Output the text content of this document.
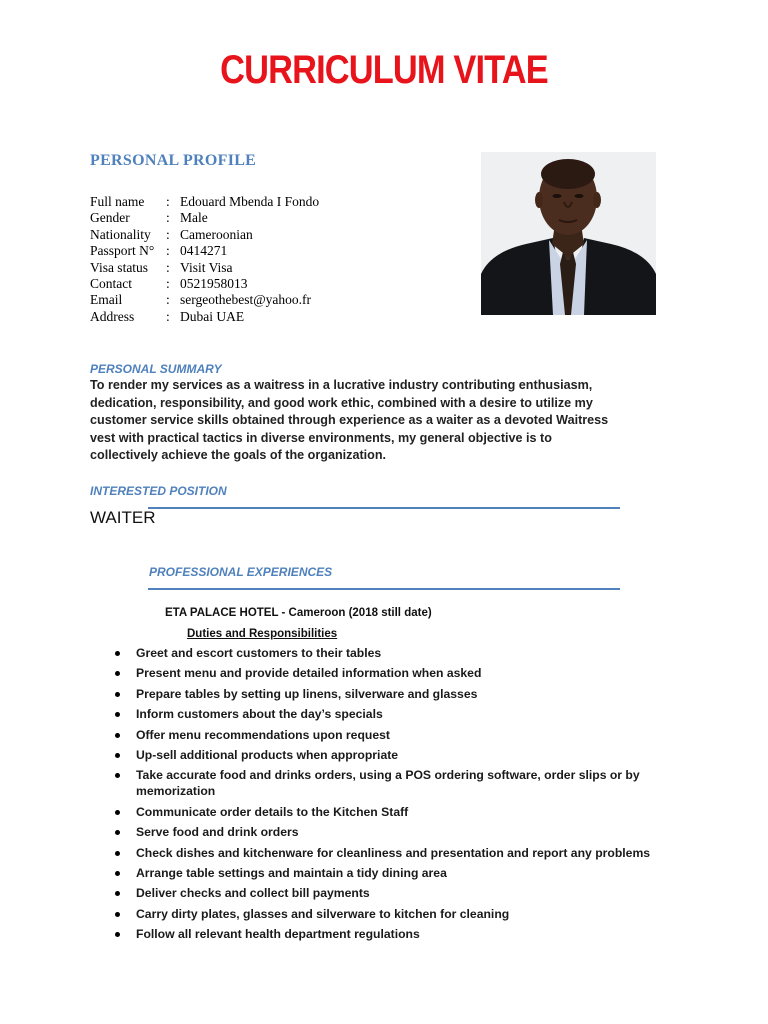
CURRICULUM VITAE
PERSONAL PROFILE
Full name	: Edouard Mbenda I Fondo
Gender	: Male
Nationality	: Cameroonian
Passport N° : 0414271
Visa status	: Visit Visa
Contact	: 0521958013
Email	: sergeothebest@yahoo.fr
Address	: Dubai UAE
PERSONAL SUMMARY
To render my services as a waitress in a lucrative industry contributing enthusiasm, dedication, responsibility, and good work ethic, combined with a desire to utilize my customer service skills obtained through experience as a waiter as a devoted Waitress vest with practical tactics in diverse environments, my general objective is to collectively achieve the goals of the organization.
INTERESTED POSITION
WAITER
PROFESSIONAL EXPERIENCES
ETA PALACE HOTEL - Cameroon (2018 still date)
Duties and Responsibilities
Greet and escort customers to their tables
Present menu and provide detailed information when asked
Prepare tables by setting up linens, silverware and glasses
Inform customers about the day’s specials
Offer menu recommendations upon request
Up-sell additional products when appropriate
Take accurate food and drinks orders, using a POS ordering software, order slips or by memorization
Communicate order details to the Kitchen Staff
Serve food and drink orders
Check dishes and kitchenware for cleanliness and presentation and report any problems
Arrange table settings and maintain a tidy dining area
Deliver checks and collect bill payments
Carry dirty plates, glasses and silverware to kitchen for cleaning
Follow all relevant health department regulations
